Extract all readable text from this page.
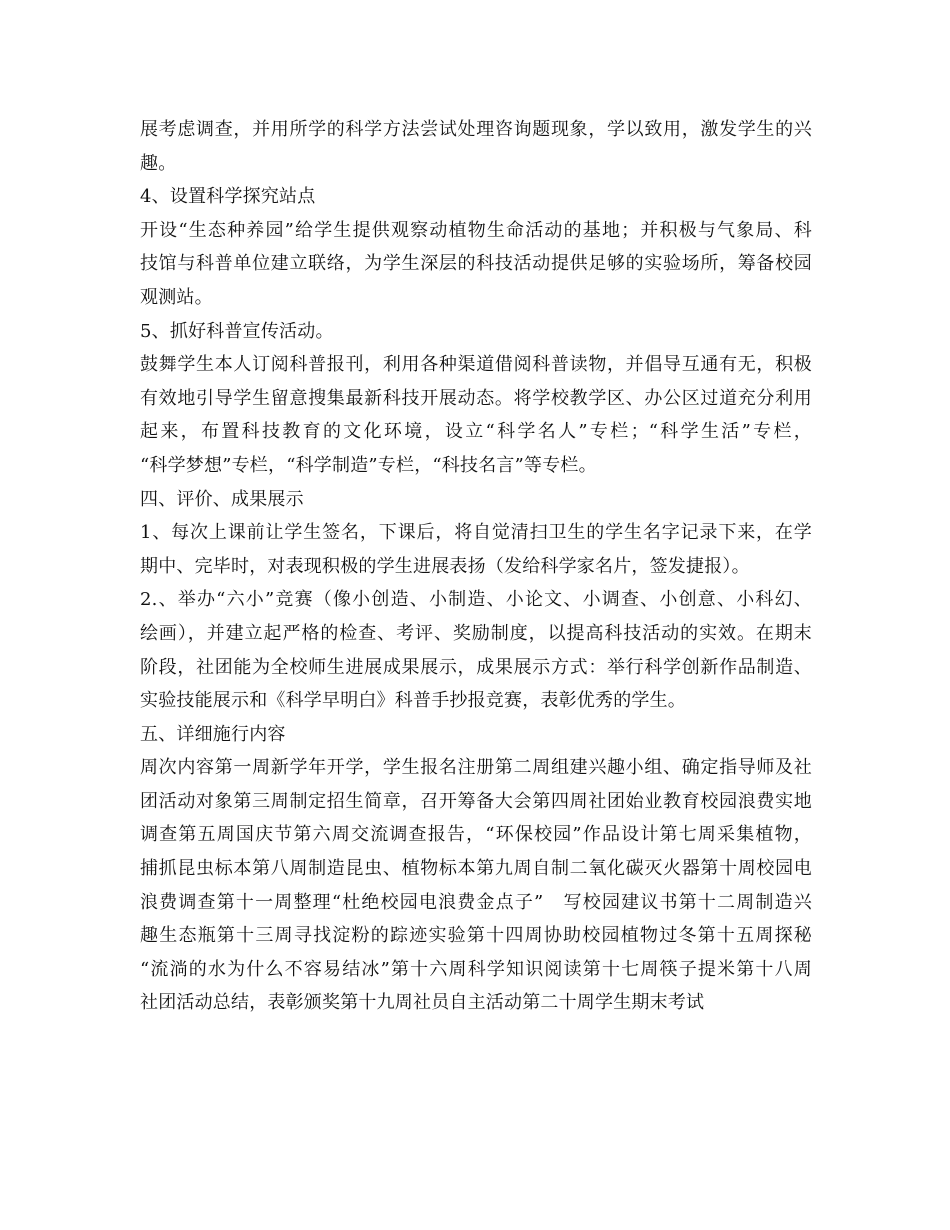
展考虑调查，并用所学的科学方法尝试处理咨询题现象，学以致用，激发学生的兴
趣。
4、设置科学探究站点
开设“生态种养园”给学生提供观察动植物生命活动的基地；并积极与气象局、科
技馆与科普单位建立联络，为学生深层的科技活动提供足够的实验场所，筹备校园
观测站。
5、抓好科普宣传活动。
鼓舞学生本人订阅科普报刊，利用各种渠道借阅科普读物，并倡导互通有无，积极
有效地引导学生留意搜集最新科技开展动态。将学校教学区、办公区过道充分利用
起来，布置科技教育的文化环境，设立“科学名人”专栏；“科学生活”专栏，
“科学梦想”专栏，“科学制造”专栏，“科技名言”等专栏。
四、评价、成果展示
1、每次上课前让学生签名，下课后，将自觉清扫卫生的学生名字记录下来，在学
期中、完毕时，对表现积极的学生进展表扬（发给科学家名片，签发捷报）。
2.、举办“六小”竞赛（像小创造、小制造、小论文、小调查、小创意、小科幻、
绘画），并建立起严格的检查、考评、奖励制度，以提高科技活动的实效。在期末
阶段，社团能为全校师生进展成果展示，成果展示方式：举行科学创新作品制造、
实验技能展示和《科学早明白》科普手抄报竞赛，表彰优秀的学生。
五、详细施行内容
周次内容第一周新学年开学，学生报名注册第二周组建兴趣小组、确定指导师及社
团活动对象第三周制定招生简章，召开筹备大会第四周社团始业教育校园浪费实地
调查第五周国庆节第六周交流调查报告，“环保校园”作品设计第七周采集植物，
捕抓昆虫标本第八周制造昆虫、植物标本第九周自制二氧化碳灭火器第十周校园电
浪费调查第十一周整理“杜绝校园电浪费金点子”　写校园建议书第十二周制造兴
趣生态瓶第十三周寻找淀粉的踪迹实验第十四周协助校园植物过冬第十五周探秘
“流淌的水为什么不容易结冰”第十六周科学知识阅读第十七周筷子提米第十八周
社团活动总结，表彰颁奖第十九周社员自主活动第二十周学生期末考试
